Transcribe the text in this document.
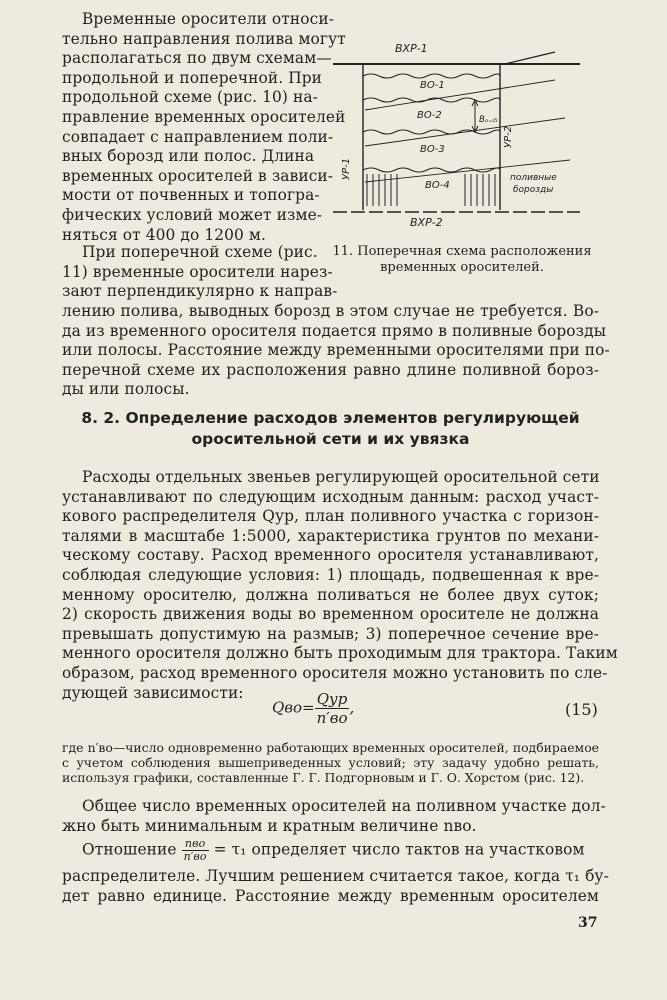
Временные оросители относи-
тельно направления полива могут
располагаться по двум схемам—
продольной и поперечной. При
продольной схеме (рис. 10) на-
правление временных оросителей
совпадает с направлением поли-
вных борозд или полос. Длина
временных оросителей в зависи-
мости от почвенных и топогра-
фических условий может изме-
няться от 400 до 1200 м.
При поперечной схеме (рис.
11) временные оросители нарез-
зают перпендикулярно к направ-
ВХР-1
УР-1
УР-2
ВО-1
ВО-2
ВО-3
ВО-4
Bₒ₌ₗ₅
поливные
борозды
ВХР-2
11. Поперечная схема расположения
временных оросителей.
лению полива, выводных борозд в этом случае не требуется. Во-
да из временного оросителя подается прямо в поливные борозды
или полосы. Расстояние между временными оросителями при по-
перечной схеме их расположения равно длине поливной бороз-
ды или полосы.
8. 2. Определение расходов элементов регулирующей
оросительной сети и их увязка
Расходы отдельных звеньев регулирующей оросительной сети
устанавливают по следующим исходным данным: расход участ-
кового распределителя Qур, план поливного участка с горизон-
талями в масштабе 1:5000, характеристика грунтов по механи-
ческому составу. Расход временного оросителя устанавливают,
соблюдая следующие условия: 1) площадь, подвешенная к вре-
менному оросителю, должна поливаться не более двух суток;
2) скорость движения воды во временном оросителе не должна
превышать допустимую на размыв; 3) поперечное сечение вре-
менного оросителя должно быть проходимым для трактора. Таким
образом, расход временного оросителя можно установить по сле-
дующей зависимости:
$Qво= \frac{\text{Qур}}{n'во}$ ,	(15)
где n′во—число одновременно работающих временных оросителей, подбираемое
с учетом соблюдения вышеприведенных условий; эту задачу удобно решать,
используя графики, составленные Г. Г. Подгорновым и Г. О. Хорстом (рис. 12).
Общее число временных оросителей на поливном участке дол-
жно быть минимальным и кратным величине nво.
Отношение $\frac{\text{nво}}{n'во} = \tau_1$ определяет число тактов на участковом
распределителе. Лучшим решением считается такое, когда τ₁ бу-
дет равно единице. Расстояние между временным оросителем
37
